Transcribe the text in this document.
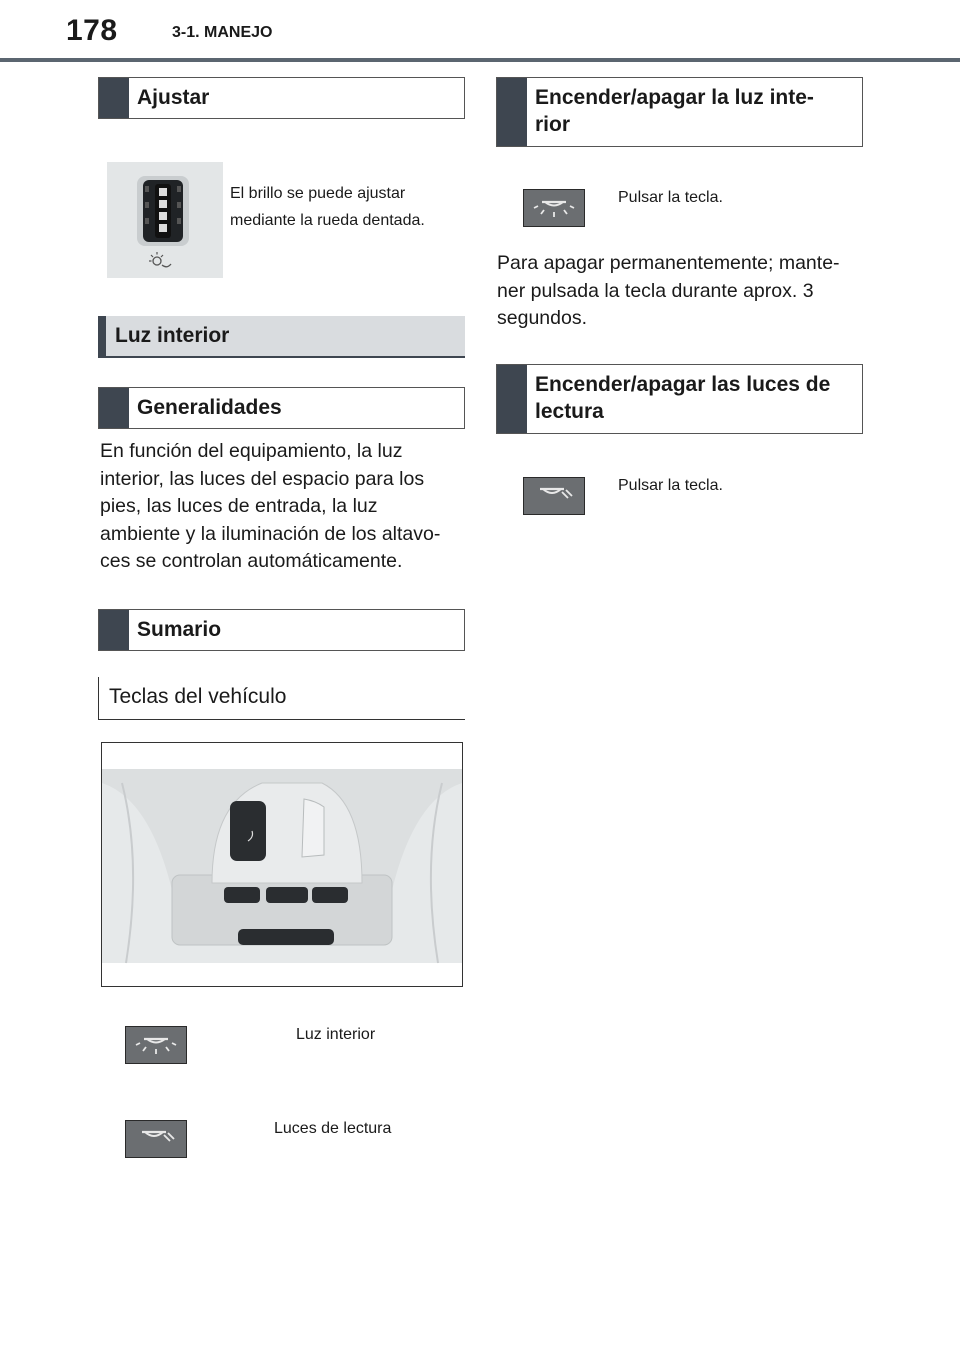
178	3-1. MANEJO
Ajustar
El brillo se puede ajustar
mediante la rueda dentada.
Luz interior
Generalidades
En función del equipamiento, la luz
interior, las luces del espacio para los
pies, las luces de entrada, la luz
ambiente y la iluminación de los altavo-
ces se controlan automáticamente.
Sumario
Teclas del vehículo
Luz interior
Luces de lectura
Encender/apagar la luz inte-
rior
Pulsar la tecla.
Para apagar permanentemente; mante-
ner pulsada la tecla durante aprox. 3
segundos.
Encender/apagar las luces de
lectura
Pulsar la tecla.
